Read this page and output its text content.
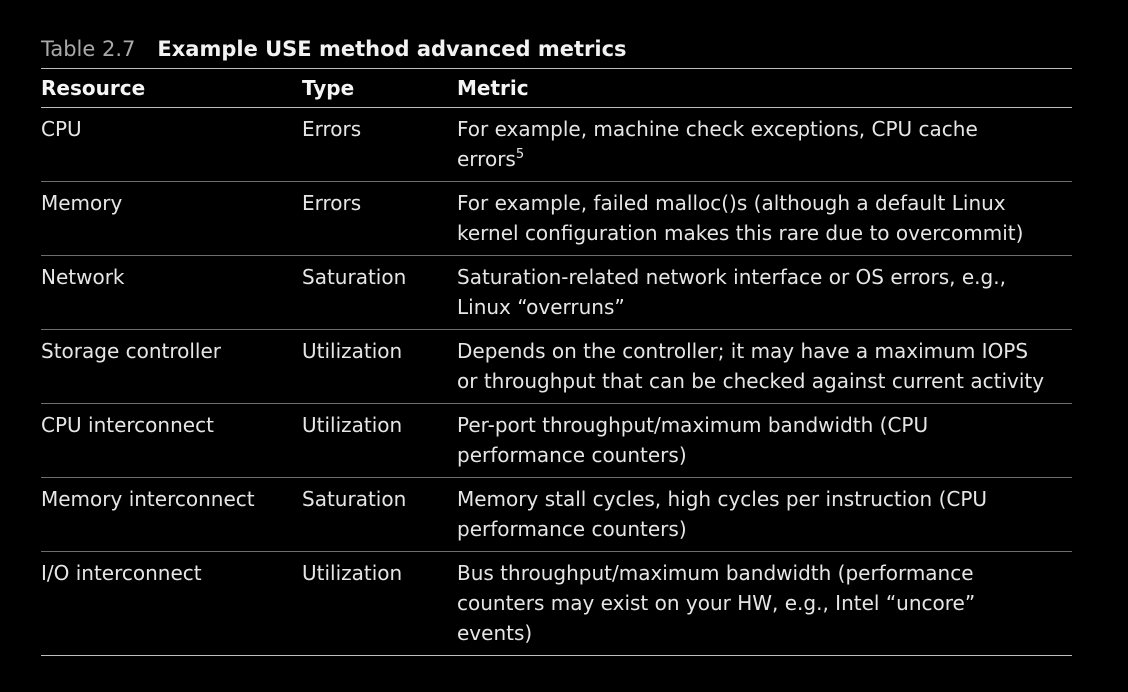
Table 2.7 Example USE method advanced metrics
Resource	Type	Metric
CPU	Errors	For example, machine check exceptions, CPU cache
errors$^5$
Memory	Errors	For example, failed malloc()s (although a default Linux
kernel configuration makes this rare due to overcommit)
Network	Saturation	Saturation-related network interface or OS errors, e.g.,
Linux “overruns”
Storage controller	Utilization	Depends on the controller; it may have a maximum IOPS
or throughput that can be checked against current activity
CPU interconnect	Utilization	Per-port throughput/maximum bandwidth (CPU
performance counters)
Memory interconnect	Saturation	Memory stall cycles, high cycles per instruction (CPU
performance counters)
I/O interconnect	Utilization	Bus throughput/maximum bandwidth (performance
counters may exist on your HW, e.g., Intel “uncore”
events)
